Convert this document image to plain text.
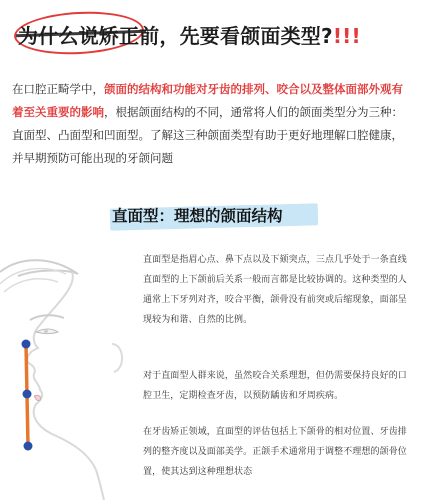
为什么说矫正前，先要看颌面类型?!!!
在口腔正畸学中，颌面的结构和功能对牙齿的排列、咬合以及整体面部外观有着至关重要的影响，根据颌面结构的不同，通常将人们的颌面类型分为三种：直面型、凸面型和凹面型。了解这三种颌面类型有助于更好地理解口腔健康，并早期预防可能出现的牙颌问题
直面型：理想的颌面结构
直面型是指眉心点、鼻下点以及下颏突点，三点几乎处于一条直线直面型的上下颌前后关系一般而言都是比较协调的。这种类型的人通常上下牙列对齐，咬合平衡，颌骨没有前突或后缩现象，面部呈现较为和谐、自然的比例。
对于直面型人群来说，虽然咬合关系理想，但仍需要保持良好的口腔卫生，定期检查牙齿，以预防龋齿和牙周疾病。
在牙齿矫正领域，直面型的评估包括上下颌骨的相对位置、牙齿排列的整齐度以及面部美学。正颌手术通常用于调整不理想的颌骨位置，使其达到这种理想状态
